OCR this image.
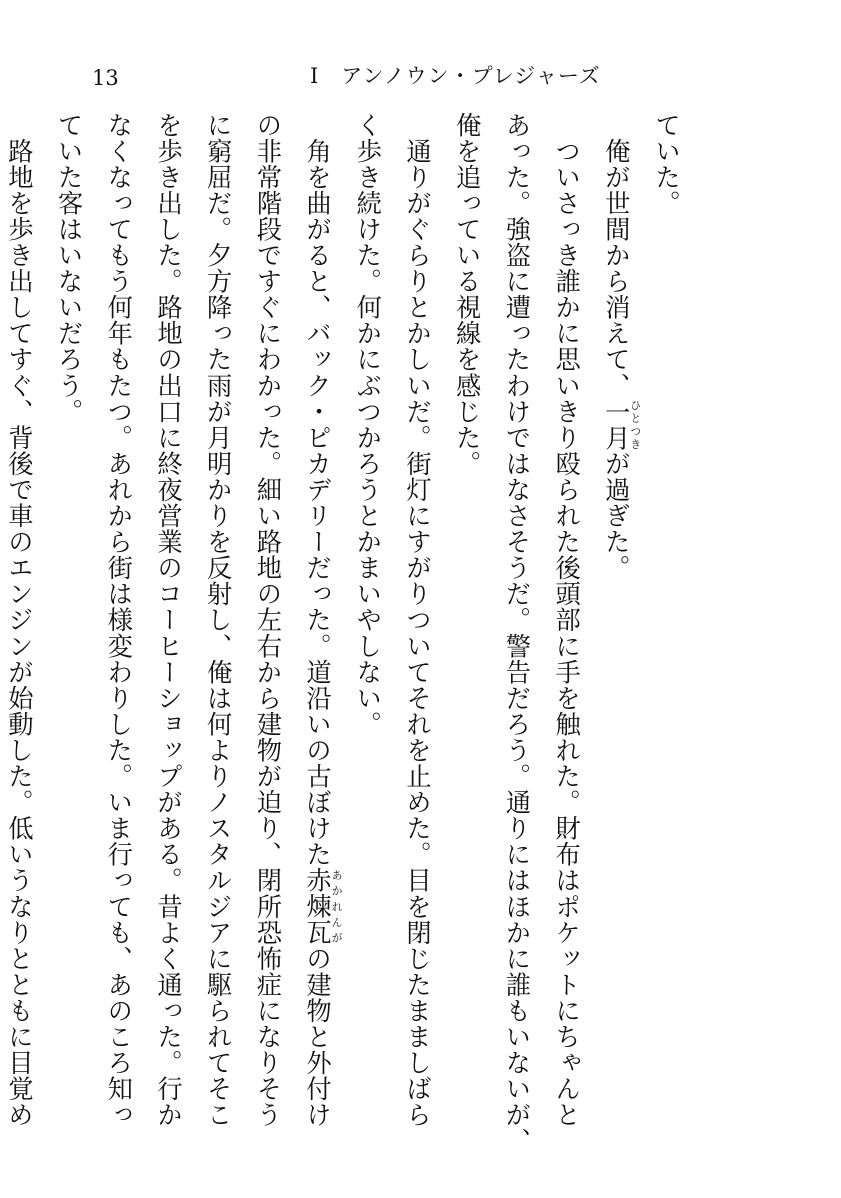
13	I　アンノウン・プレジャーズ
ていた。
　俺が世間から消えて、一月ひとつきが過ぎた。
　ついさっき誰かに思いきり殴られた後頭部に手を触れた。財布はポケットにちゃんと
あった。強盗に遭ったわけではなさそうだ。警告だろう。通りにはほかに誰もいないが、
俺を追っている視線を感じた。
　通りがぐらりとかしいだ。街灯にすがりついてそれを止めた。目を閉じたまましばら
く歩き続けた。何かにぶつかろうとかまいやしない。
　角を曲がると、バック・ピカデリーだった。道沿いの古ぼけた赤煉瓦あかれんがの建物と外付け
の非常階段ですぐにわかった。細い路地の左右から建物が迫り、閉所恐怖症になりそう
に窮屈だ。夕方降った雨が月明かりを反射し、俺は何よりノスタルジアに駆られてそこ
を歩き出した。路地の出口に終夜営業のコーヒーショップがある。昔よく通った。行か
なくなってもう何年もたつ。あれから街は様変わりした。いま行っても、あのころ知っ
ていた客はいないだろう。
　路地を歩き出してすぐ、背後で車のエンジンが始動した。低いうなりとともに目覚め
